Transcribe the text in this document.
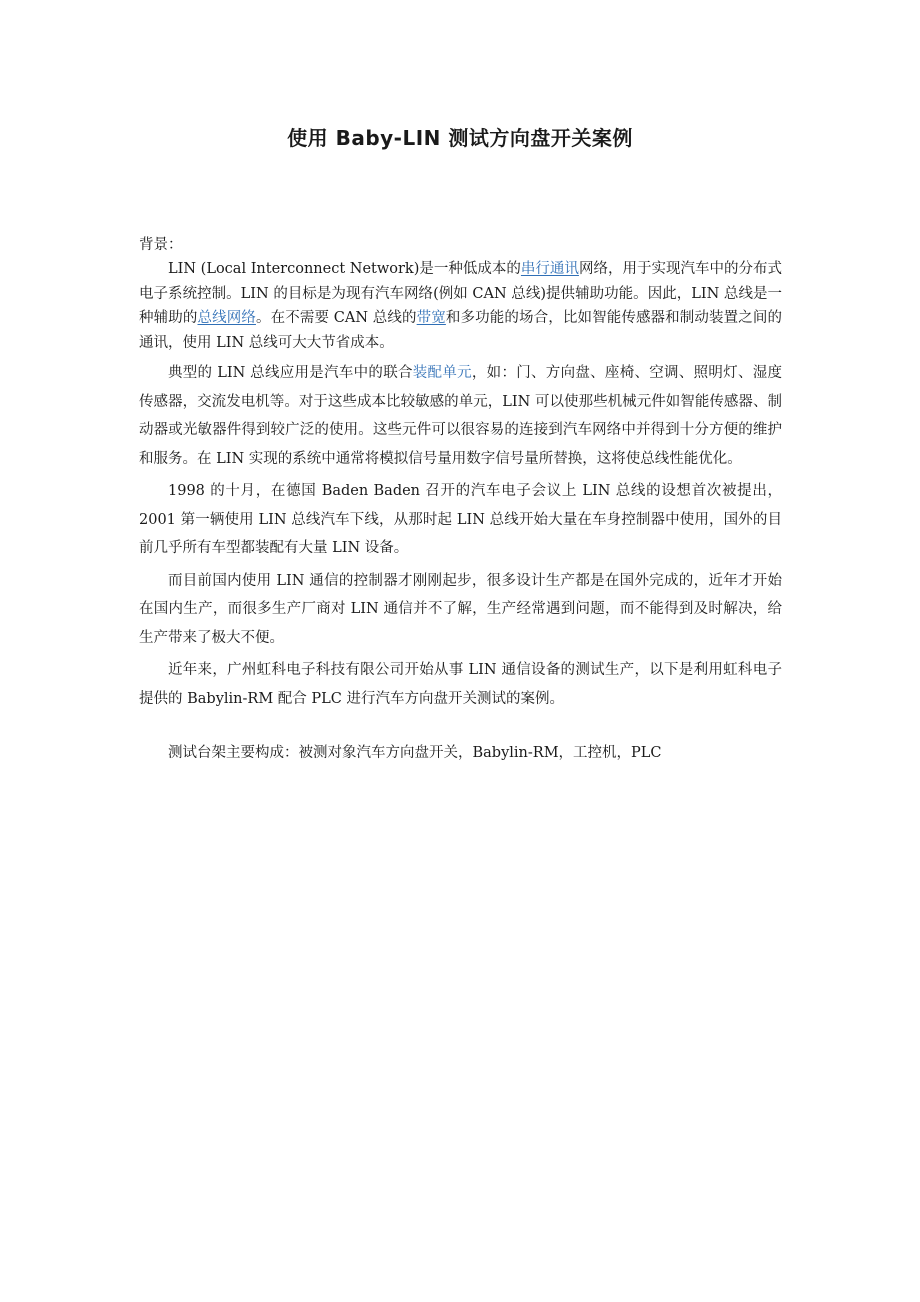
使用 Baby-LIN 测试方向盘开关案例

背景：

LIN (Local Interconnect Network)是一种低成本的串行通讯网络，用于实现汽车中的分布式电子系统控制。LIN 的目标是为现有汽车网络(例如 CAN 总线)提供辅助功能。因此，LIN 总线是一种辅助的总线网络。在不需要 CAN 总线的带宽和多功能的场合，比如智能传感器和制动装置之间的通讯，使用 LIN 总线可大大节省成本。

典型的 LIN 总线应用是汽车中的联合装配单元，如：门、方向盘、座椅、空调、照明灯、湿度传感器，交流发电机等。对于这些成本比较敏感的单元，LIN 可以使那些机械元件如智能传感器、制动器或光敏器件得到较广泛的使用。这些元件可以很容易的连接到汽车网络中并得到十分方便的维护和服务。在 LIN 实现的系统中通常将模拟信号量用数字信号量所替换，这将使总线性能优化。

1998 的十月，在德国 Baden Baden 召开的汽车电子会议上 LIN 总线的设想首次被提出，2001 第一辆使用 LIN 总线汽车下线，从那时起 LIN 总线开始大量在车身控制器中使用，国外的目前几乎所有车型都装配有大量 LIN 设备。

而目前国内使用 LIN 通信的控制器才刚刚起步，很多设计生产都是在国外完成的，近年才开始在国内生产，而很多生产厂商对 LIN 通信并不了解，生产经常遇到问题，而不能得到及时解决，给生产带来了极大不便。

近年来，广州虹科电子科技有限公司开始从事 LIN 通信设备的测试生产，以下是利用虹科电子提供的 Babylin-RM 配合 PLC 进行汽车方向盘开关测试的案例。

测试台架主要构成：被测对象汽车方向盘开关，Babylin-RM，工控机，PLC
